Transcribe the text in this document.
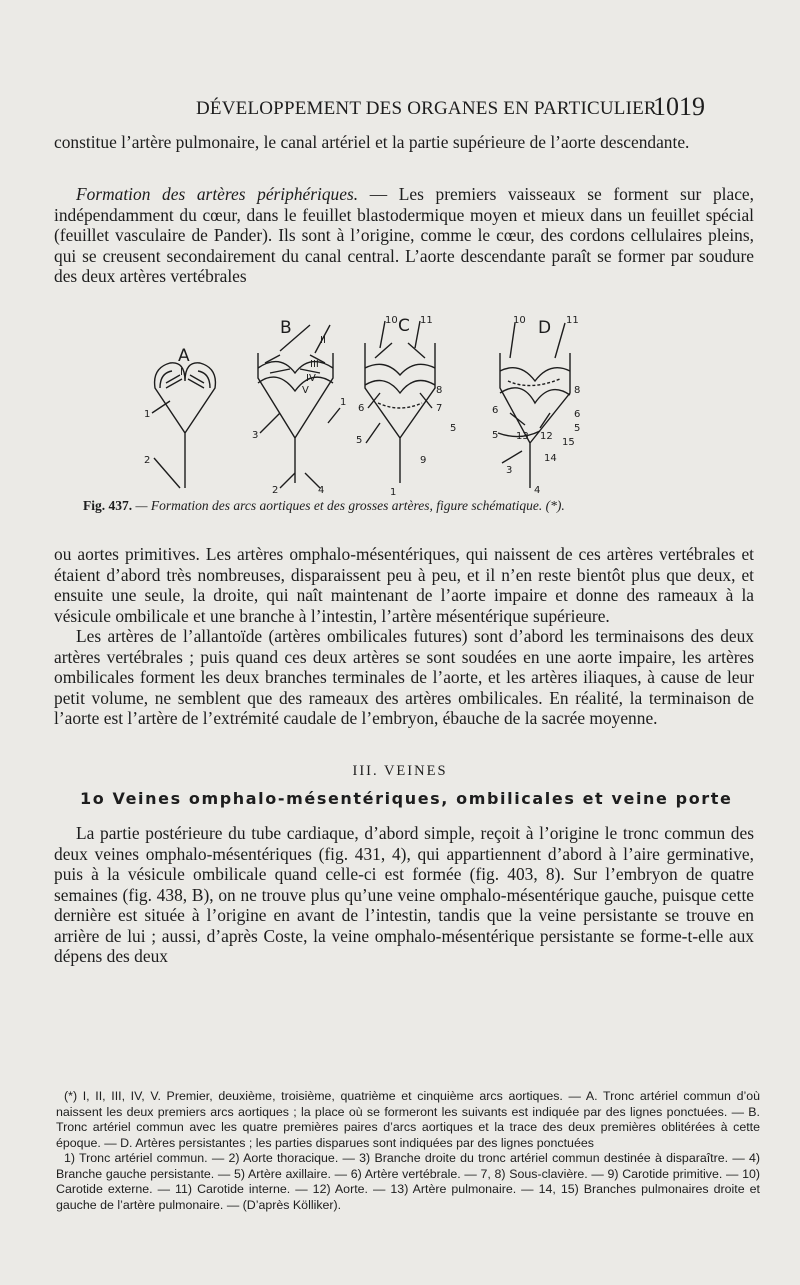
DÉVELOPPEMENT DES ORGANES EN PARTICULIER
1019

constitue l’artère pulmonaire, le canal artériel et la partie supérieure de l’aorte descendante.

Formation des artères périphériques. — Les premiers vaisseaux se forment sur place, indépendamment du cœur, dans le feuillet blastodermique moyen et mieux dans un feuillet spécial (feuillet vasculaire de Pander). Ils sont à l’origine, comme le cœur, des cordons cellulaires pleins, qui se creusent secondairement du canal central. L’aorte descendante paraît se former par soudure des deux artères vertébrales

A
B	C	D
I
1
2
II
III
IV
V
3
1
2	4
10 11
8
6	7
5
5
9
1
10	11
6
8
6
5 13 12
15
14
3
5
4
Fig. 437. — Formation des arcs aortiques et des grosses artères, figure schématique. (*).

ou aortes primitives. Les artères omphalo-mésentériques, qui naissent de ces artères vertébrales et étaient d’abord très nombreuses, disparaissent peu à peu, et il n’en reste bientôt plus que deux, et ensuite une seule, la droite, qui naît maintenant de l’aorte impaire et donne des rameaux à la vésicule ombilicale et une branche à l’intestin, l’artère mésentérique supérieure.

Les artères de l’allantoïde (artères ombilicales futures) sont d’abord les terminaisons des deux artères vertébrales ; puis quand ces deux artères se sont soudées en une aorte impaire, les artères ombilicales forment les deux branches terminales de l’aorte, et les artères iliaques, à cause de leur petit volume, ne semblent que des rameaux des artères ombilicales. En réalité, la terminaison de l’aorte est l’artère de l’extrémité caudale de l’embryon, ébauche de la sacrée moyenne.

III. VEINES
1o Veines omphalo-mésentériques, ombilicales et veine porte

La partie postérieure du tube cardiaque, d’abord simple, reçoit à l’origine le tronc commun des deux veines omphalo-mésentériques (fig. 431, 4), qui appartiennent d’abord à l’aire germinative, puis à la vésicule ombilicale quand celle-ci est formée (fig. 403, 8). Sur l’embryon de quatre semaines (fig. 438, B), on ne trouve plus qu’une veine omphalo-mésentérique gauche, puisque cette dernière est située à l’origine en avant de l’intestin, tandis que la veine persistante se trouve en arrière de lui ; aussi, d’après Coste, la veine omphalo-mésentérique persistante se forme-t-elle aux dépens des deux

(*) I, II, III, IV, V. Premier, deuxième, troisième, quatrième et cinquième arcs aortiques. — A. Tronc artériel commun d’où naissent les deux premiers arcs aortiques ; la place où se formeront les suivants est indiquée par des lignes ponctuées. — B. Tronc artériel commun avec les quatre premières paires d’arcs aortiques et la trace des deux premières oblitérées à cette époque. — D. Artères persistantes ; les parties disparues sont indiquées par des lignes ponctuées

1) Tronc artériel commun. — 2) Aorte thoracique. — 3) Branche droite du tronc artériel commun destinée à disparaître. — 4) Branche gauche persistante. — 5) Artère axillaire. — 6) Artère vertébrale. — 7, 8) Sous-clavière. — 9) Carotide primitive. — 10) Carotide externe. — 11) Carotide interne. — 12) Aorte. — 13) Artère pulmonaire. — 14, 15) Branches pulmonaires droite et gauche de l’artère pulmonaire. — (D’après Kölliker).
